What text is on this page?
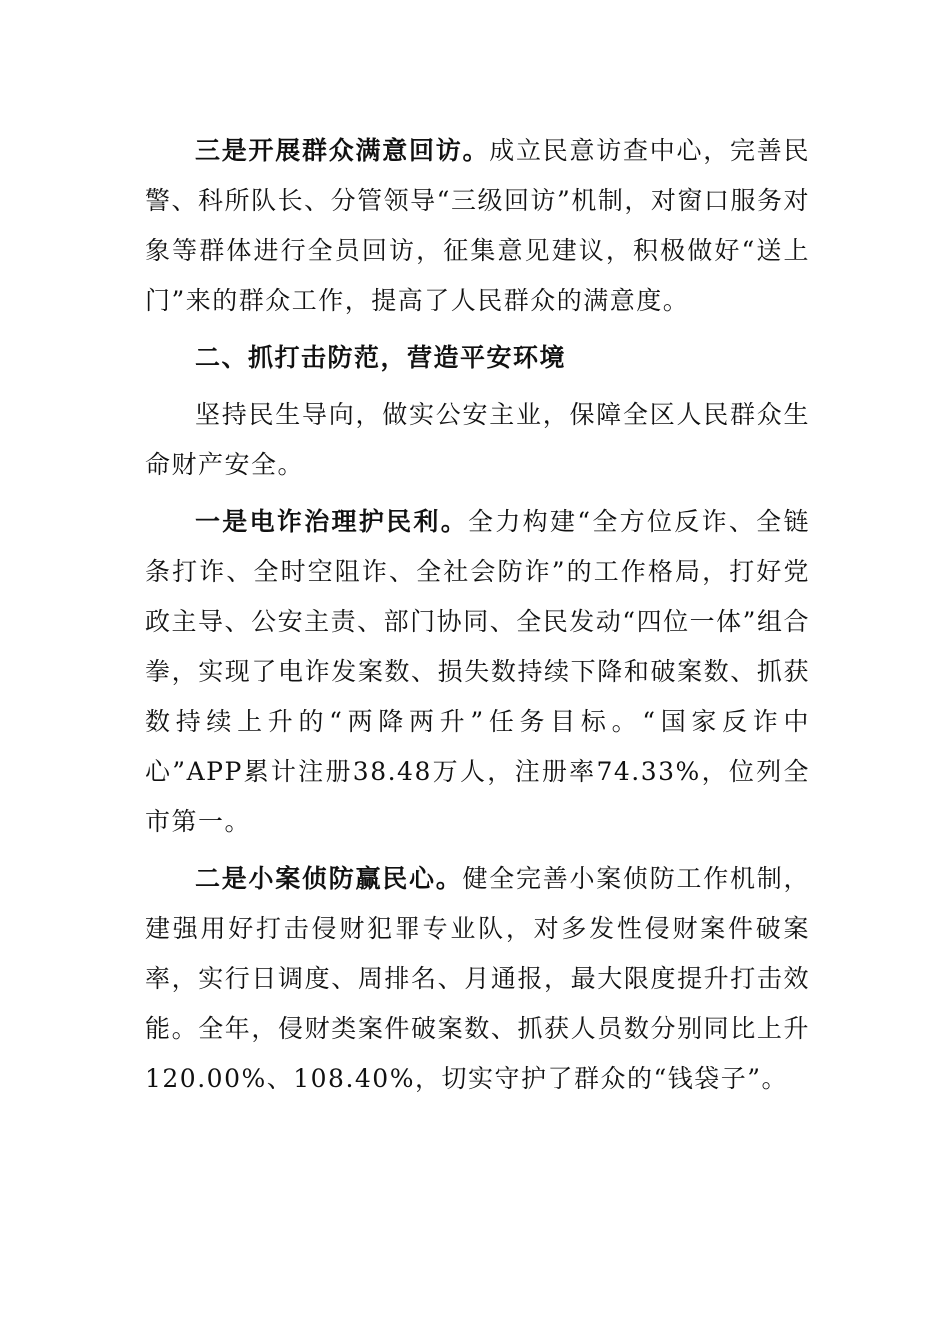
三是开展群众满意回访。成立民意访查中心，完善民警、科所队长、分管领导“三级回访”机制，对窗口服务对象等群体进行全员回访，征集意见建议，积极做好“送上门”来的群众工作，提高了人民群众的满意度。

二、抓打击防范，营造平安环境

坚持民生导向，做实公安主业，保障全区人民群众生命财产安全。

一是电诈治理护民利。全力构建“全方位反诈、全链条打诈、全时空阻诈、全社会防诈”的工作格局，打好党政主导、公安主责、部门协同、全民发动“四位一体”组合拳，实现了电诈发案数、损失数持续下降和破案数、抓获数持续上升的“两降两升”任务目标。“国家反诈中心”APP累计注册38.48万人，注册率74.33%，位列全市第一。

二是小案侦防赢民心。健全完善小案侦防工作机制，建强用好打击侵财犯罪专业队，对多发性侵财案件破案率，实行日调度、周排名、月通报，最大限度提升打击效能。全年，侵财类案件破案数、抓获人员数分别同比上升120.00%、108.40%，切实守护了群众的“钱袋子”。
